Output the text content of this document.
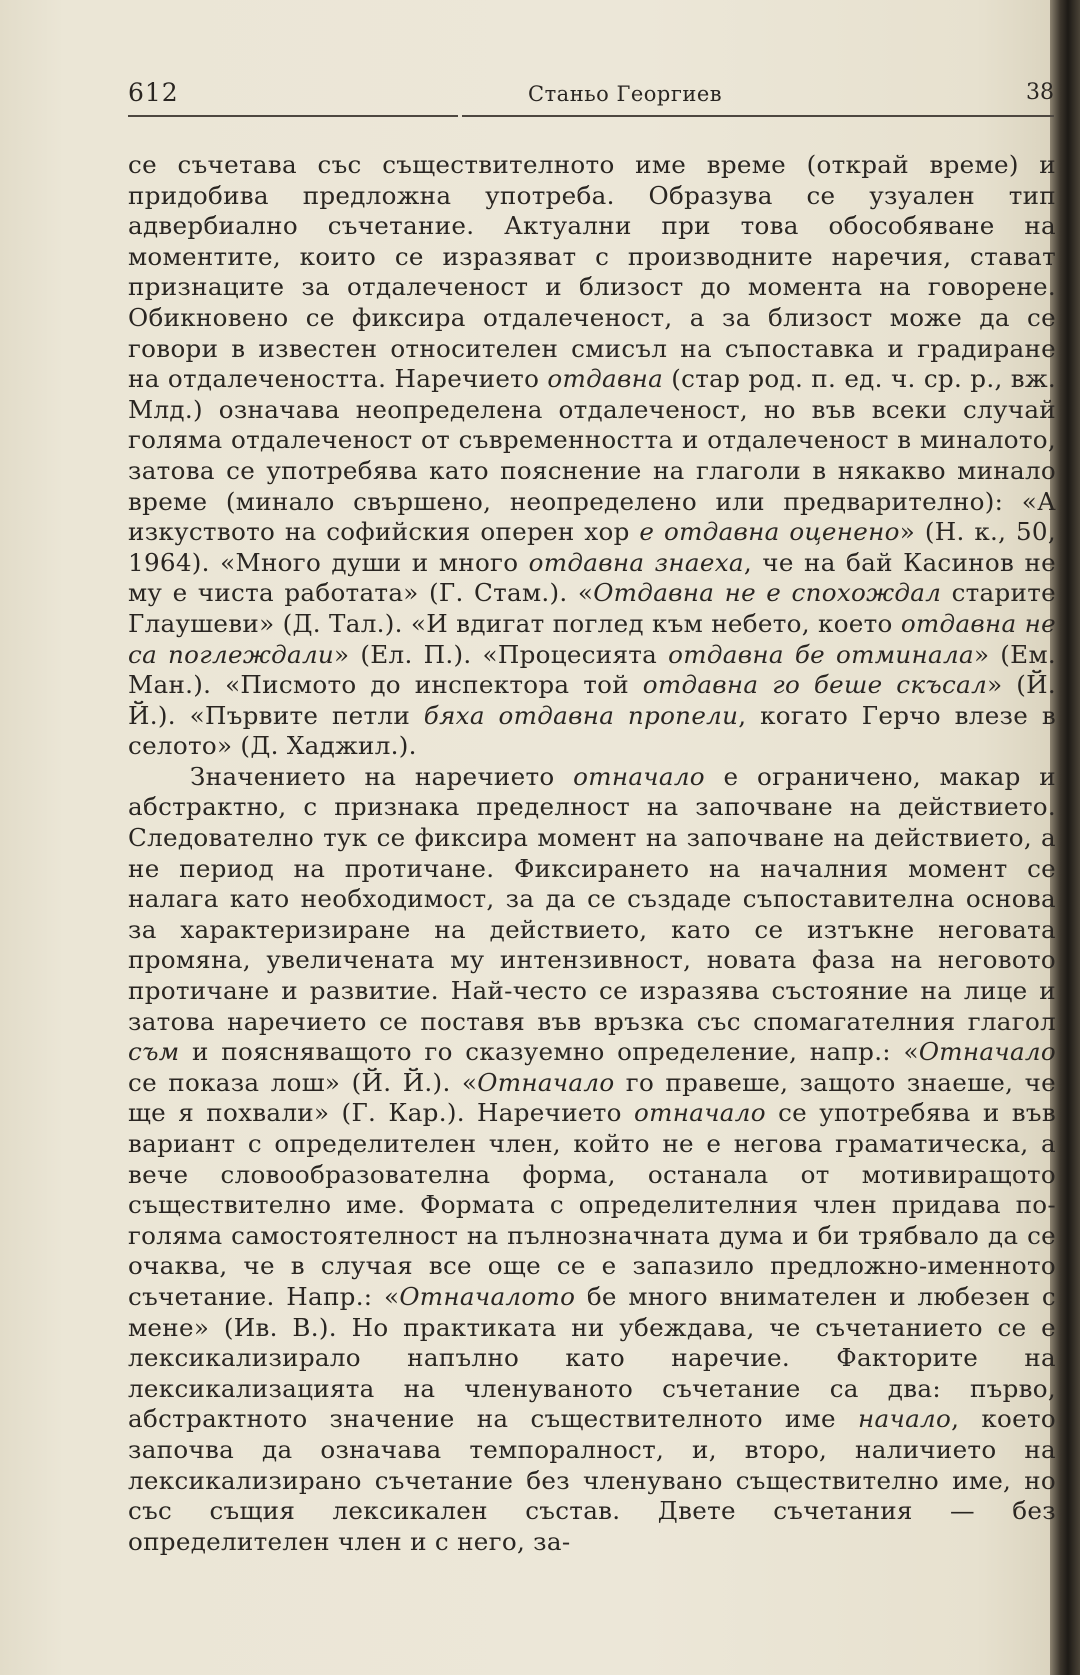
612	Станьо Георгиев	38

се съчетава със съществителното име време (открай време) и придобива предложна употреба. Образува се узуален тип адвербиално съчетание. Актуални при това обособяване на моментите, които се изразяват с производните наречия, стават признаците за отдалеченост и близост до момента на говорене. Обикновено се фиксира отдалеченост, а за близост може да се говори в известен относителен смисъл на съпоставка и градиране на отдалечеността. Наречието отдавна (стар род. п. ед. ч. ср. р., вж. Млд.) означава неопределена отдалеченост, но във всеки случай голяма отдалеченост от съвременността и отдалеченост в миналото, затова се употребява като пояснение на глаголи в някакво минало време (минало свършено, неопределено или предварително): «А изкуството на софийския оперен хор е отдавна оценено» (Н. к., 50, 1964). «Много души и много отдавна знаеха, че на бай Касинов не му е чиста работата» (Г. Стам.). «Отдавна не е спохождал старите Глаушеви» (Д. Тал.). «И вдигат поглед към небето, което отдавна не са поглеждали» (Ел. П.). «Процесията отдавна бе отминала» (Ем. Ман.). «Писмото до инспектора той отдавна го беше скъсал» (Й. Й.). «Първите петли бяха отдавна пропели, когато Герчо влезе в селото» (Д. Хаджил.).

Значението на наречието отначало е ограничено, макар и абстрактно, с признака пределност на започване на действието. Следователно тук се фиксира момент на започване на действието, а не период на протичане. Фиксирането на началния момент се налага като необходимост, за да се създаде съпоставителна основа за характеризиране на действието, като се изтъкне неговата промяна, увеличената му интензивност, новата фаза на неговото протичане и развитие. Най-често се изразява състояние на лице и затова наречието се поставя във връзка със спомагателния глагол съм и поясняващото го сказуемно определение, напр.: «Отначало се показа лош» (Й. Й.). «Отначало го правеше, защото знаеше, че ще я похвали» (Г. Кар.). Наречието отначало се употребява и във вариант с определителен член, който не е негова граматическа, а вече словообразователна форма, останала от мотивиращото съществително име. Формата с определителния член придава по-голяма самостоятелност на пълнозначната дума и би трябвало да се очаква, че в случая все още се е запазило предложно-именното съчетание. Напр.: «Отначалото бе много внимателен и любезен с мене» (Ив. В.). Но практиката ни убеждава, че съчетанието се е лексикализирало напълно като наречие. Факторите на лексикализацията на членуваното съчетание са два: първо, абстрактното значение на съществителното име начало, което започва да означава темпоралност, и, второ, наличието на лексикализирано съчетание без членувано съществително име, но със същия лексикален състав. Двете съчетания — без определителен член и с него, за-
